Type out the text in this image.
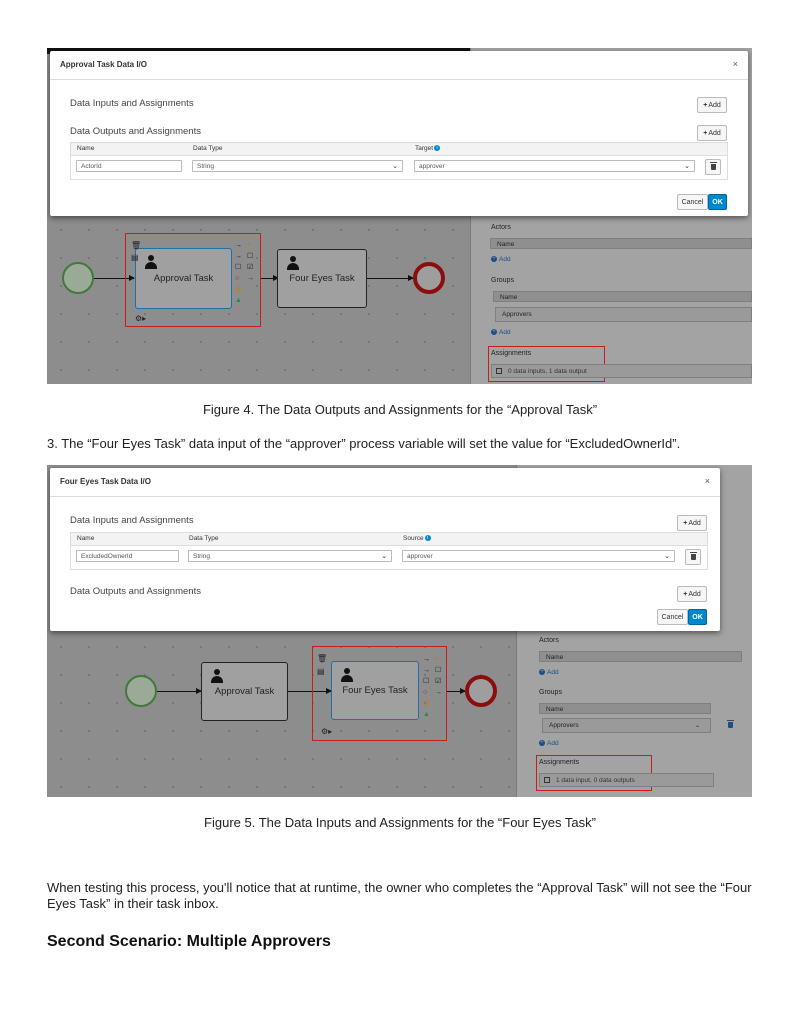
Approval Task
→ +
→ ☐
☐ ☑
○ →
◎
▲
🗑
▤
⚙▸
Four Eyes Task
Actors
Name
+ Add
Groups
Name
Approvers
+ Add
Assignments
0 data inputs, 1 data output
Approval Task Data I/O	×
Data Inputs and Assignments	+ Add
Data Outputs and Assignments	+ Add
Name	Data Type	Target i
ActorId	String	⌄	approver	⌄
Cancel	OK
Figure 4. The Data Outputs and Assignments for the “Approval Task”
3. The “Four Eyes Task” data input of the “approver” process variable will set the value for “ExcludedOwnerId”.
Approval Task	Four Eyes Task
→ +
→ ☐
☐ ☑
○ →
◎
▲
🗑
▤
⚙▸
Actors
Name
+ Add
Groups
Name
Approvers	⌄
+ Add
Assignments
1 data input, 0 data outputs
Four Eyes Task Data I/O	×
Data Inputs and Assignments	+ Add
Name	Data Type	Source i
ExcludedOwnerId	String	⌄	approver	⌄
Data Outputs and Assignments	+ Add
Cancel	OK
Figure 5. The Data Inputs and Assignments for the “Four Eyes Task”
When testing this process, you'll notice that at runtime, the owner who completes the “Approval Task” will not see the “Four Eyes Task” in their task inbox.
Second Scenario: Multiple Approvers
